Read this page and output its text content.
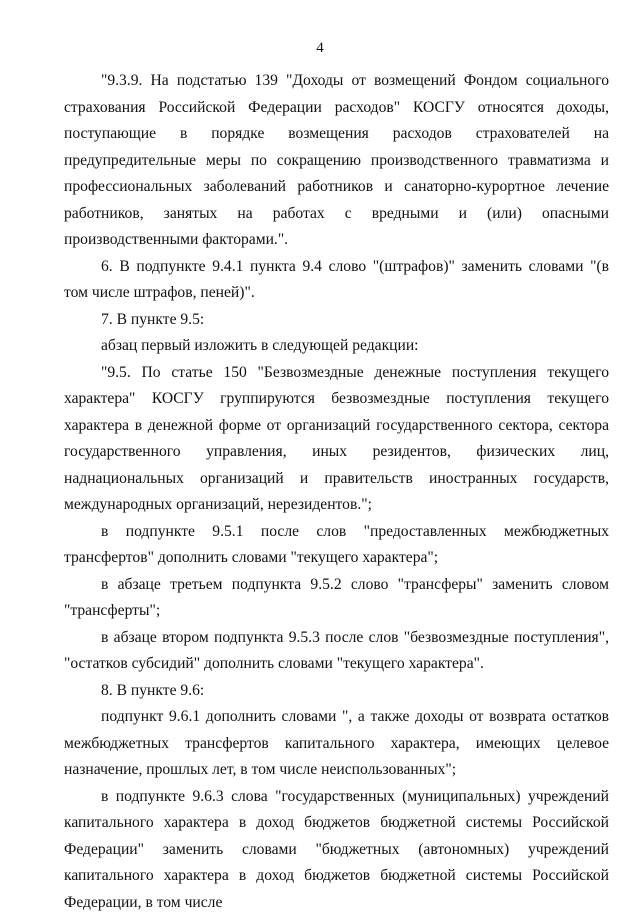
4

"9.3.9. На подстатью 139 "Доходы от возмещений Фондом социального страхования Российской Федерации расходов" КОСГУ относятся доходы, поступающие в порядке возмещения расходов страхователей на предупредительные меры по сокращению производственного травматизма и профессиональных заболеваний работников и санаторно-курортное лечение работников, занятых на работах с вредными и (или) опасными производственными факторами.".

6. В подпункте 9.4.1 пункта 9.4 слово "(штрафов)" заменить словами "(в том числе штрафов, пеней)".

7. В пункте 9.5:

абзац первый изложить в следующей редакции:

"9.5. По статье 150 "Безвозмездные денежные поступления текущего характера" КОСГУ группируются безвозмездные поступления текущего характера в денежной форме от организаций государственного сектора, сектора государственного управления, иных резидентов, физических лиц, наднациональных организаций и правительств иностранных государств, международных организаций, нерезидентов.";

в подпункте 9.5.1 после слов "предоставленных межбюджетных трансфертов" дополнить словами "текущего характера";

в абзаце третьем подпункта 9.5.2 слово "трансферы" заменить словом "трансферты";

в абзаце втором подпункта 9.5.3 после слов "безвозмездные поступления", "остатков субсидий" дополнить словами "текущего характера".

8. В пункте 9.6:

подпункт 9.6.1 дополнить словами ", а также доходы от возврата остатков межбюджетных трансфертов капитального характера, имеющих целевое назначение, прошлых лет, в том числе неиспользованных";

в подпункте 9.6.3 слова "государственных (муниципальных) учреждений капитального характера в доход бюджетов бюджетной системы Российской Федерации" заменить словами "бюджетных (автономных) учреждений капитального характера в доход бюджетов бюджетной системы Российской Федерации, в том числе
